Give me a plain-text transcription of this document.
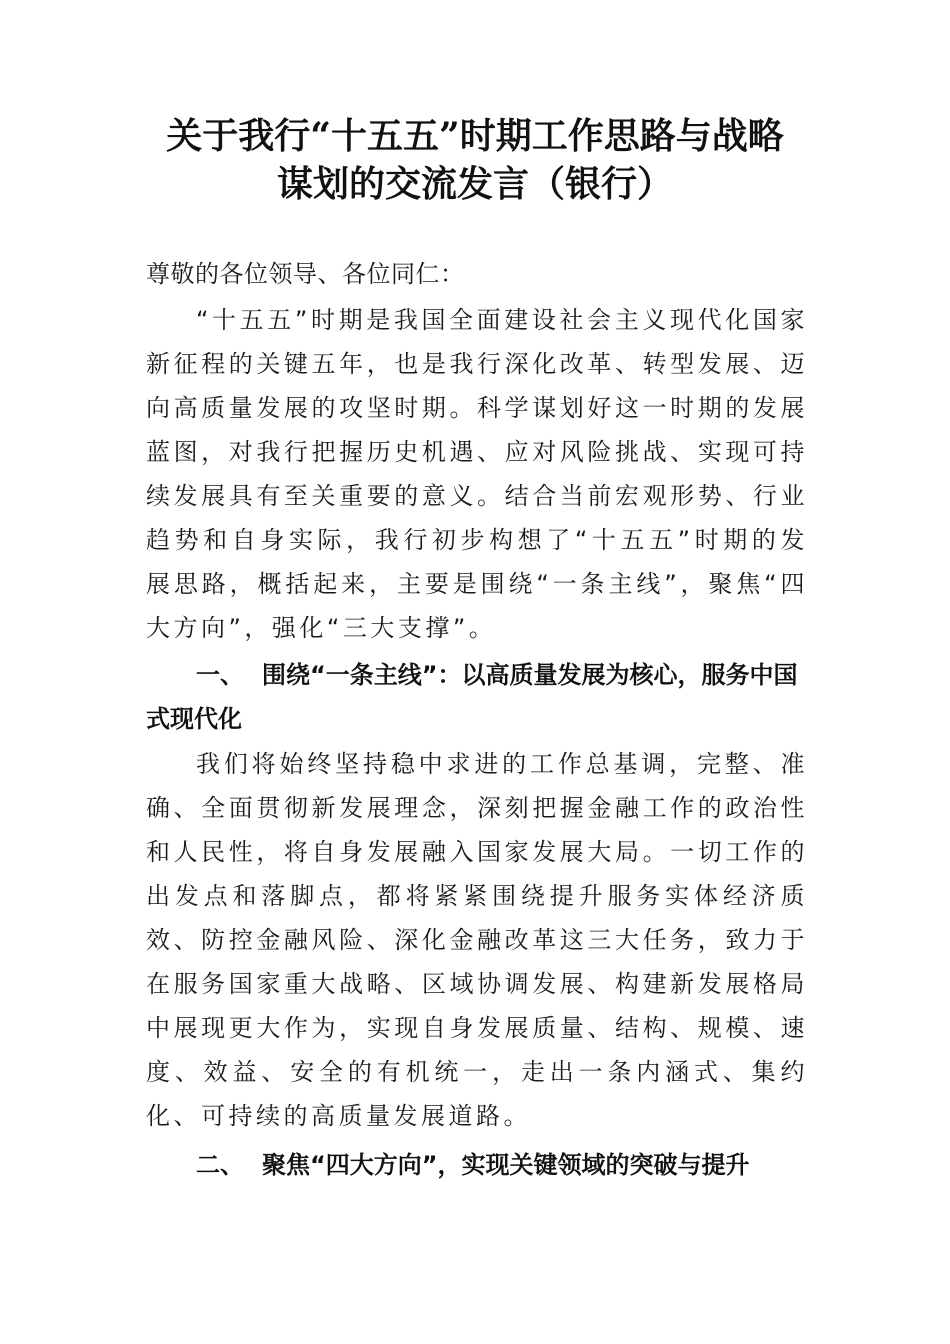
关于我行“十五五”时期工作思路与战略
谋划的交流发言（银行）
尊敬的各位领导、各位同仁：
“十五五”时期是我国全面建设社会主义现代化国家新征程的关键五年，也是我行深化改革、转型发展、迈向高质量发展的攻坚时期。科学谋划好这一时期的发展蓝图，对我行把握历史机遇、应对风险挑战、实现可持续发展具有至关重要的意义。结合当前宏观形势、行业趋势和自身实际，我行初步构想了“十五五”时期的发展思路，概括起来，主要是围绕“一条主线”，聚焦“四大方向”，强化“三大支撑”。
一、 围绕“一条主线”：以高质量发展为核心，服务中国式现代化
我们将始终坚持稳中求进的工作总基调，完整、准确、全面贯彻新发展理念，深刻把握金融工作的政治性和人民性，将自身发展融入国家发展大局。一切工作的出发点和落脚点，都将紧紧围绕提升服务实体经济质效、防控金融风险、深化金融改革这三大任务，致力于在服务国家重大战略、区域协调发展、构建新发展格局中展现更大作为，实现自身发展质量、结构、规模、速度、效益、安全的有机统一，走出一条内涵式、集约化、可持续的高质量发展道路。
二、 聚焦“四大方向”，实现关键领域的突破与提升
